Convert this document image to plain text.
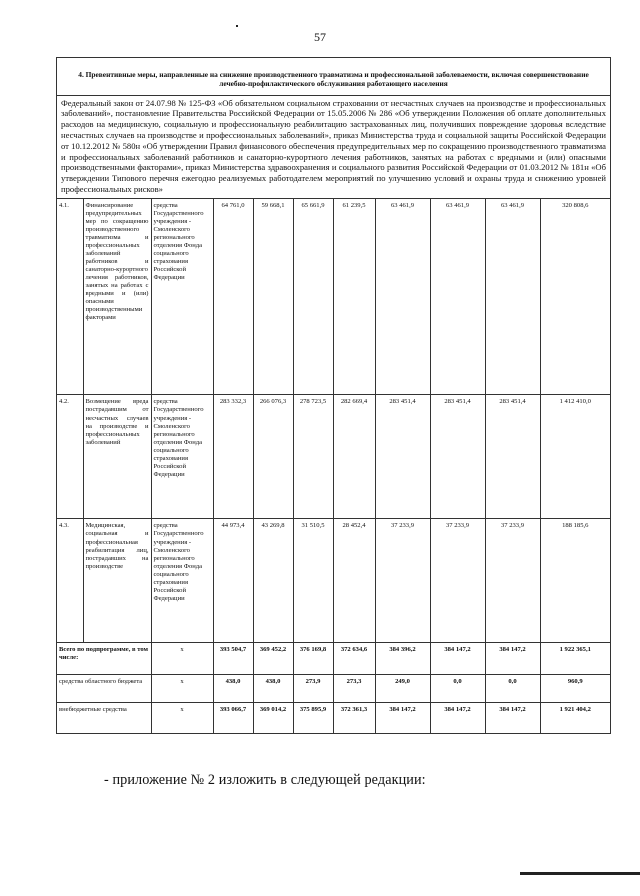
57
4. Превентивные меры, направленные на снижение производственного травматизма и профессиональной заболеваемости, включая совершенствование лечебно-профилактического обслуживания работающего населения
Федеральный закон от 24.07.98 № 125-ФЗ «Об обязательном социальном страховании от несчастных случаев на производстве и профессиональных заболеваний», постановление Правительства Российской Федерации от 15.05.2006 № 286 «Об утверждении Положения об оплате дополнительных расходов на медицинскую, социальную и профессиональную реабилитацию застрахованных лиц, получивших повреждение здоровья вследствие несчастных случаев на производстве и профессиональных заболеваний», приказ Министерства труда и социальной защиты Российской Федерации от 10.12.2012 № 580н «Об утверждении Правил финансового обеспечения предупредительных мер по сокращению производственного травматизма и профессиональных заболеваний работников и санаторно-курортного лечения работников, занятых на работах с вредными и (или) опасными производственными факторами», приказ Министерства здравоохранения и социального развития Российской Федерации от 01.03.2012 № 181н «Об утверждении Типового перечня ежегодно реализуемых работодателем мероприятий по улучшению условий и охраны труда и снижению уровней профессиональных рисков»
4.1.	Финансирование предупредительных мер по сокращению производственного травматизма и профессиональных заболеваний работников и санаторно-курортного лечения работников, занятых на работах с вредными и (или) опасными производственными факторами	средства Государственного учреждения - Смоленского регионального отделения Фонда социального страхования Российской Федерации	64 761,0	59 668,1	65 661,9	61 239,5	63 461,9	63 461,9	63 461,9	320 808,6
4.2.	Возмещение вреда пострадавшим от несчастных случаев на производстве и профессиональных заболеваний	средства Государственного учреждения - Смоленского регионального отделения Фонда социального страхования Российской Федерации	283 332,3	266 076,3	278 723,5	282 669,4	283 451,4	283 451,4	283 451,4	1 412 410,0
4.3.	Медицинская, социальная и профессиональная реабилитация лиц, пострадавших на производстве	средства Государственного учреждения - Смоленского регионального отделения Фонда социального страхования Российской Федерации	44 973,4	43 269,8	31 510,5	28 452,4	37 233,9	37 233,9	37 233,9	188 185,6
Всего по подпрограмме, в том числе:		х	393 504,7	369 452,2	376 169,8	372 634,6	384 396,2	384 147,2	384 147,2	1 922 365,1
средства областного бюджета		х	438,0	438,0	273,9	273,3	249,0	0,0	0,0	960,9
внебюджетные средства		х	393 066,7	369 014,2	375 895,9	372 361,3	384 147,2	384 147,2	384 147,2	1 921 404,2
- приложение № 2 изложить в следующей редакции:
